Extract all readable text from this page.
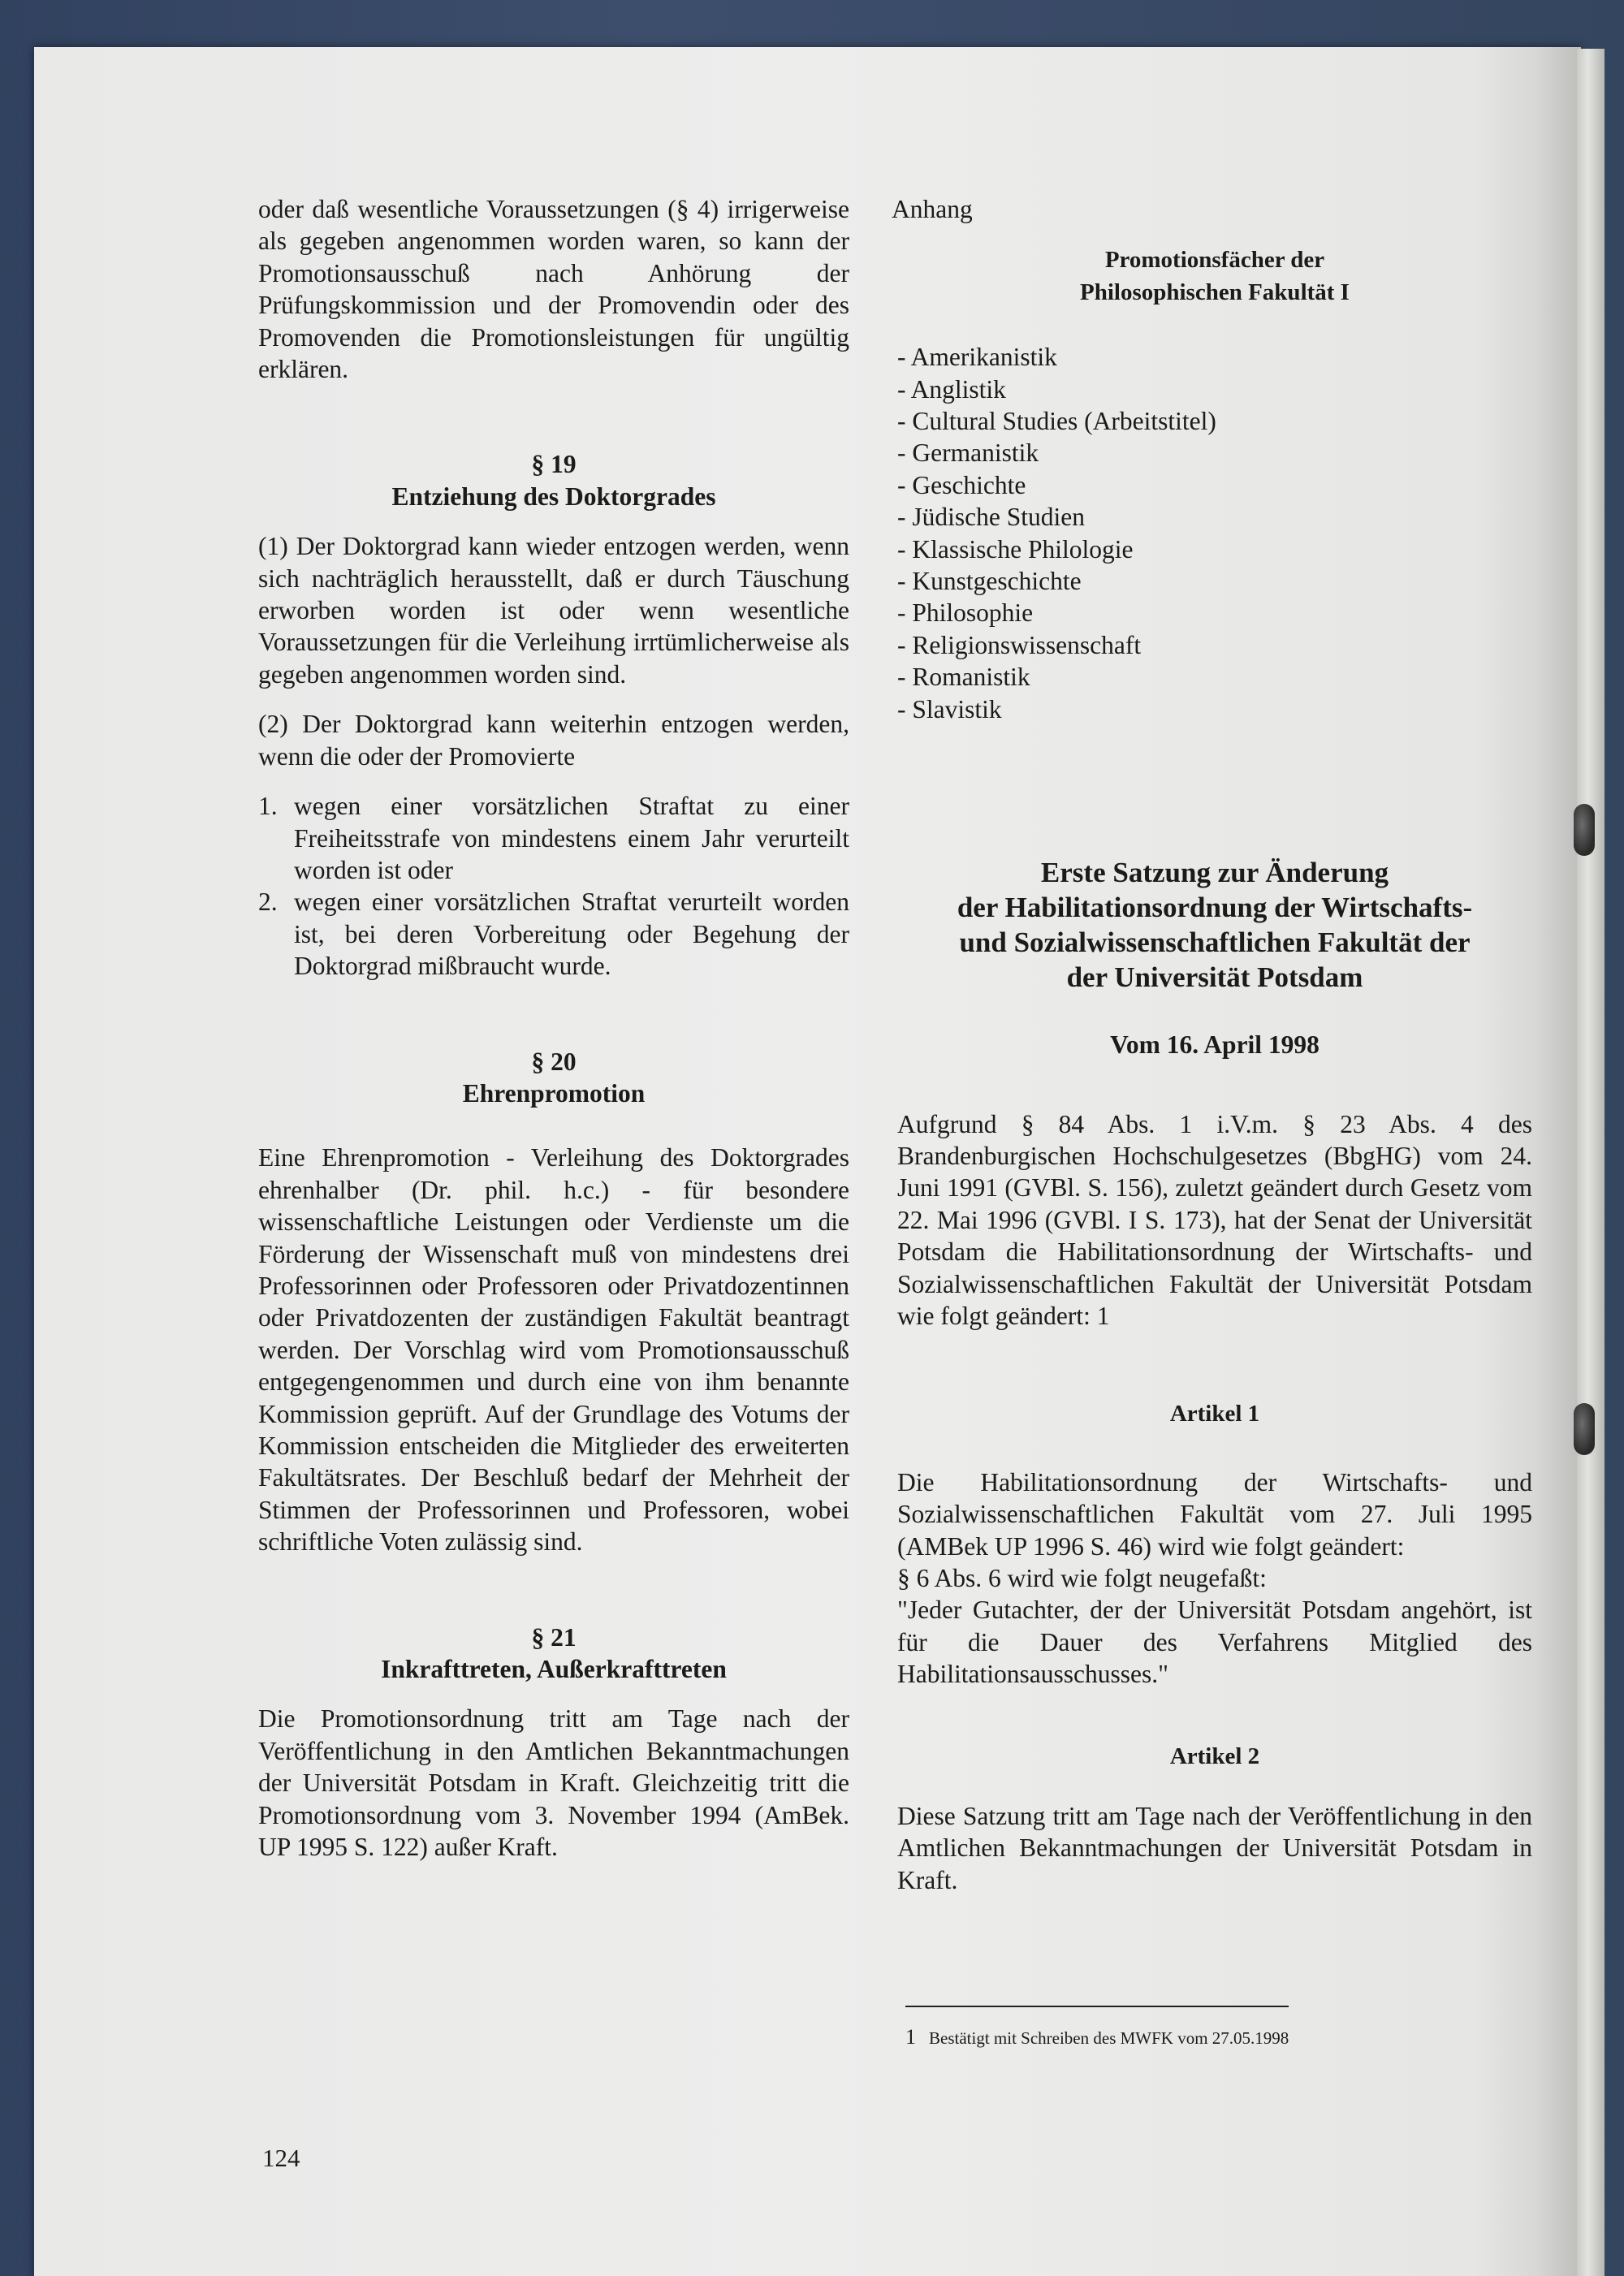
oder daß wesentliche Voraussetzungen (§ 4) irrigerweise als gegeben angenommen worden waren, so kann der Promotionsausschuß nach Anhörung der Prüfungskommission und der Promovendin oder des Promovenden die Promotionsleistungen für ungültig erklären.

§ 19

Entziehung des Doktorgrades

(1) Der Doktorgrad kann wieder entzogen werden, wenn sich nachträglich herausstellt, daß er durch Täuschung erworben worden ist oder wenn wesentliche Voraussetzungen für die Verleihung irrtümlicherweise als gegeben angenommen worden sind.

(2) Der Doktorgrad kann weiterhin entzogen werden, wenn die oder der Promovierte

1. wegen einer vorsätzlichen Straftat zu einer Freiheitsstrafe von mindestens einem Jahr verurteilt worden ist oder
2. wegen einer vorsätzlichen Straftat verurteilt worden ist, bei deren Vorbereitung oder Begehung der Doktorgrad mißbraucht wurde.

§ 20

Ehrenpromotion

Eine Ehrenpromotion - Verleihung des Doktorgrades ehrenhalber (Dr. phil. h.c.) - für besondere wissenschaftliche Leistungen oder Verdienste um die Förderung der Wissenschaft muß von mindestens drei Professorinnen oder Professoren oder Privatdozentinnen oder Privatdozenten der zuständigen Fakultät beantragt werden. Der Vorschlag wird vom Promotionsausschuß entgegengenommen und durch eine von ihm benannte Kommission geprüft. Auf der Grundlage des Votums der Kommission entscheiden die Mitglieder des erweiterten Fakultätsrates. Der Beschluß bedarf der Mehrheit der Stimmen der Professorinnen und Professoren, wobei schriftliche Voten zulässig sind.

§ 21

Inkrafttreten, Außerkrafttreten

Die Promotionsordnung tritt am Tage nach der Veröffentlichung in den Amtlichen Bekanntmachungen der Universität Potsdam in Kraft. Gleichzeitig tritt die Promotionsordnung vom 3. November 1994 (AmBek. UP 1995 S. 122) außer Kraft.

Anhang

Promotionsfächer der

Philosophischen Fakultät I

- Amerikanistik
- Anglistik
- Cultural Studies (Arbeitstitel)
- Germanistik
- Geschichte
- Jüdische Studien
- Klassische Philologie
- Kunstgeschichte
- Philosophie
- Religionswissenschaft
- Romanistik
- Slavistik
Erste Satzung zur Änderung
der Habilitationsordnung der Wirtschafts-
und Sozialwissenschaftlichen Fakultät der
der Universität Potsdam

Vom 16. April 1998

Aufgrund § 84 Abs. 1 i.V.m. § 23 Abs. 4 des Brandenburgischen Hochschulgesetzes (BbgHG) vom 24. Juni 1991 (GVBl. S. 156), zuletzt geändert durch Gesetz vom 22. Mai 1996 (GVBl. I S. 173), hat der Senat der Universität Potsdam die Habilitationsordnung der Wirtschafts- und Sozialwissenschaftlichen Fakultät der Universität Potsdam wie folgt geändert: 1

Artikel 1

Die Habilitationsordnung der Wirtschafts- und Sozialwissenschaftlichen Fakultät vom 27. Juli 1995 (AMBek UP 1996 S. 46) wird wie folgt geändert:

§ 6 Abs. 6 wird wie folgt neugefaßt:

"Jeder Gutachter, der der Universität Potsdam angehört, ist für die Dauer des Verfahrens Mitglied des Habilitationsausschusses."

Artikel 2

Diese Satzung tritt am Tage nach der Veröffentlichung in den Amtlichen Bekanntmachungen der Universität Potsdam in Kraft.

1 Bestätigt mit Schreiben des MWFK vom 27.05.1998
124
